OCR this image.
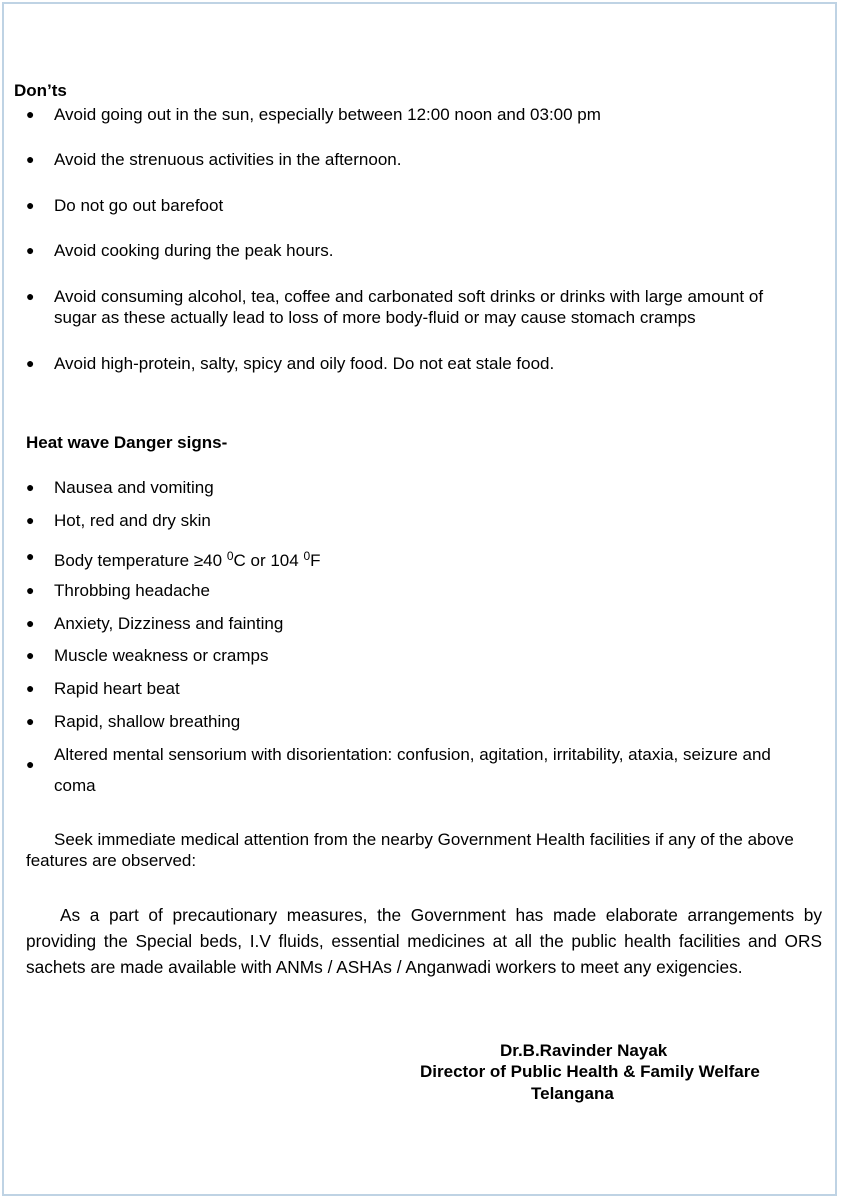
Don’ts
● Avoid going out in the sun, especially between 12:00 noon and 03:00 pm
● Avoid the strenuous activities in the afternoon.
● Do not go out barefoot
● Avoid cooking during the peak hours.
● Avoid consuming alcohol, tea, coffee and carbonated soft drinks or drinks with large amount of sugar as these actually lead to loss of more body-fluid or may cause stomach cramps
● Avoid high-protein, salty, spicy and oily food. Do not eat stale food.
Heat wave Danger signs-
● Nausea and vomiting
● Hot, red and dry skin
● Body temperature ≥40 $^0$C or 104 $^0$F
● Throbbing headache
● Anxiety, Dizziness and fainting
● Muscle weakness or cramps
● Rapid heart beat
● Rapid, shallow breathing
● Altered mental sensorium with disorientation: confusion, agitation, irritability, ataxia, seizure and coma
Seek immediate medical attention from the nearby Government Health facilities if any of the above features are observed:
As a part of precautionary measures, the Government has made elaborate arrangements by providing the Special beds, I.V fluids, essential medicines at all the public health facilities and ORS sachets are made available with ANMs / ASHAs / Anganwadi workers to meet any exigencies.
Dr.B.Ravinder Nayak
Director of Public Health & Family Welfare
Telangana
